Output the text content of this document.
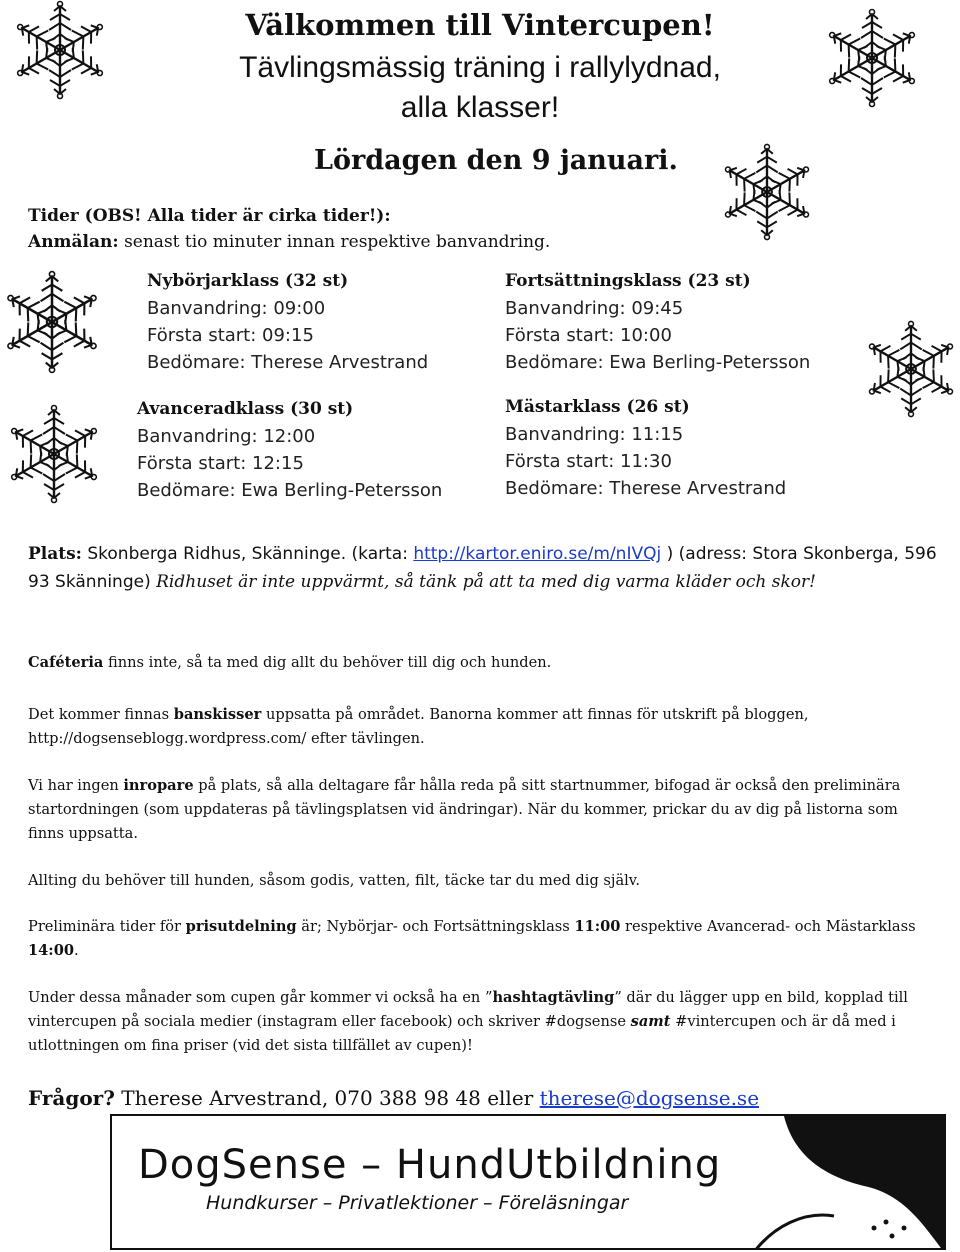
Välkommen till Vintercupen!
Tävlingsmässig träning i rallylydnad,
alla klasser!
Lördagen den 9 januari.
Tider (OBS! Alla tider är cirka tider!):
Anmälan: senast tio minuter innan respektive banvandring.
Nybörjarklass (32 st)
Banvandring: 09:00
Första start: 09:15
Bedömare: Therese Arvestrand
Fortsättningsklass (23 st)
Banvandring: 09:45
Första start: 10:00
Bedömare: Ewa Berling-Petersson
Avanceradklass (30 st)
Banvandring: 12:00
Första start: 12:15
Bedömare: Ewa Berling-Petersson
Mästarklass (26 st)
Banvandring: 11:15
Första start: 11:30
Bedömare: Therese Arvestrand
Plats: Skonberga Ridhus, Skänninge. (karta: http://kartor.eniro.se/m/nIVQj ) (adress: Stora Skonberga, 596 93 Skänninge) Ridhuset är inte uppvärmt, så tänk på att ta med dig varma kläder och skor!
Caféteria finns inte, så ta med dig allt du behöver till dig och hunden.
Det kommer finnas banskisser uppsatta på området. Banorna kommer att finnas för utskrift på bloggen, http://dogsenseblogg.wordpress.com/ efter tävlingen.
Vi har ingen inropare på plats, så alla deltagare får hålla reda på sitt startnummer, bifogad är också den preliminära startordningen (som uppdateras på tävlingsplatsen vid ändringar). När du kommer, prickar du av dig på listorna som finns uppsatta.
Allting du behöver till hunden, såsom godis, vatten, filt, täcke tar du med dig själv.
Preliminära tider för prisutdelning är; Nybörjar- och Fortsättningsklass 11:00 respektive Avancerad- och Mästarklass 14:00.
Under dessa månader som cupen går kommer vi också ha en ”hashtagtävling” där du lägger upp en bild, kopplad till vintercupen på sociala medier (instagram eller facebook) och skriver #dogsense samt #vintercupen och är då med i utlottningen om fina priser (vid det sista tillfället av cupen)!
Frågor? Therese Arvestrand, 070 388 98 48 eller therese@dogsense.se
DogSense – HundUtbildning
Hundkurser – Privatlektioner – Föreläsningar
